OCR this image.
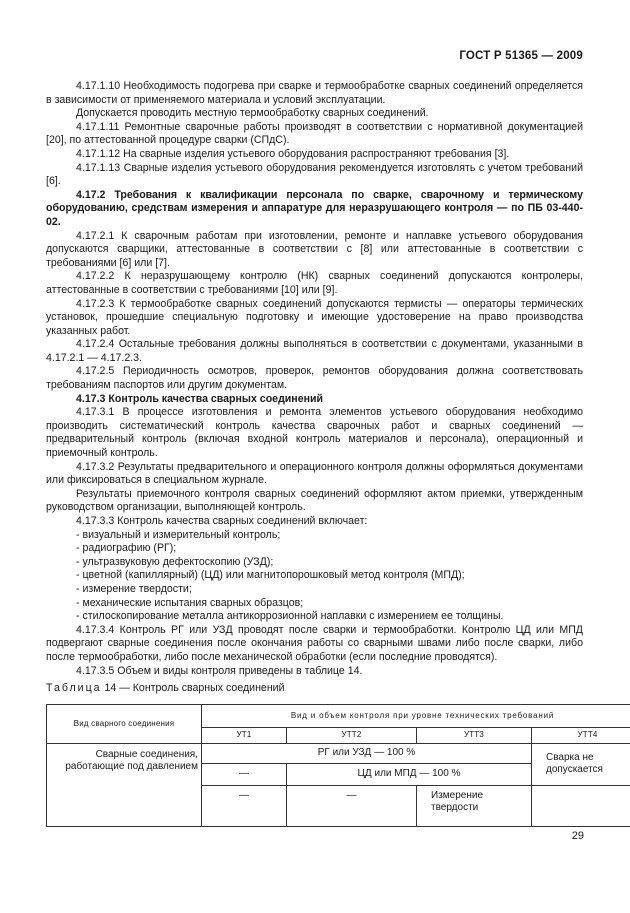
ГОСТ Р 51365 — 2009

4.17.1.10 Необходимость подогрева при сварке и термообработке сварных соединений определяется в зависимости от применяемого материала и условий эксплуатации.

Допускается проводить местную термообработку сварных соединений.

4.17.1.11 Ремонтные сварочные работы производят в соответствии с нормативной документацией [20], по аттестованной процедуре сварки (СПдС).

4.17.1.12 На сварные изделия устьевого оборудования распространяют требования [3].

4.17.1.13 Сварные изделия устьевого оборудования рекомендуется изготовлять с учетом требований [6].

4.17.2 Требования к квалификации персонала по сварке, сварочному и термическому оборудованию, средствам измерения и аппаратуре для неразрушающего контроля — по ПБ 03-440-02.

4.17.2.1 К сварочным работам при изготовлении, ремонте и наплавке устьевого оборудования допускаются сварщики, аттестованные в соответствии с [8] или аттестованные в соответствии с требованиями [6] или [7].

4.17.2.2 К неразрушающему контролю (НК) сварных соединений допускаются контролеры, аттестованные в соответствии с требованиями [10] или [9].

4.17.2.3 К термообработке сварных соединений допускаются термисты — операторы термических установок, прошедшие специальную подготовку и имеющие удостоверение на право производства указанных работ.

4.17.2.4 Остальные требования должны выполняться в соответствии с документами, указанными в 4.17.2.1 — 4.17.2.3.

4.17.2.5 Периодичность осмотров, проверок, ремонтов оборудования должна соответствовать требованиям паспортов или другим документам.

4.17.3 Контроль качества сварных соединений

4.17.3.1 В процессе изготовления и ремонта элементов устьевого оборудования необходимо производить систематический контроль качества сварочных работ и сварных соединений — предварительный контроль (включая входной контроль материалов и персонала), операционный и приемочный контроль.

4.17.3.2 Результаты предварительного и операционного контроля должны оформляться документами или фиксироваться в специальном журнале.

Результаты приемочного контроля сварных соединений оформляют актом приемки, утвержденным руководством организации, выполняющей контроль.

4.17.3.3 Контроль качества сварных соединений включает:

- визуальный и измерительный контроль;

- радиографию (РГ);

- ультразвуковую дефектоскопию (УЗД);

- цветной (капиллярный) (ЦД) или магнитопорошковый метод контроля (МПД);

- измерение твердости;

- механические испытания сварных образцов;

- стилоскопирование металла антикоррозионной наплавки с измерением ее толщины.

4.17.3.4 Контроль РГ или УЗД проводят после сварки и термообработки. Контролю ЦД или МПД подвергают сварные соединения после окончания работы со сварными швами либо после сварки, либо после термообработки, либо после механической обработки (если последние проводятся).

4.17.3.5 Объем и виды контроля приведены в таблице 14.

Таблица 14 — Контроль сварных соединений

Вид сварного соединения	Вид и объем контроля при уровне технических требований			
	УТ1	УТТ2	УТТ3	УТТ4
Сварные соединения, работающие под давлением	РГ или УЗД — 100 %			Сварка не допускается
	—	ЦД или МПД — 100 %		
	—	—	Измерение твердости	
29
